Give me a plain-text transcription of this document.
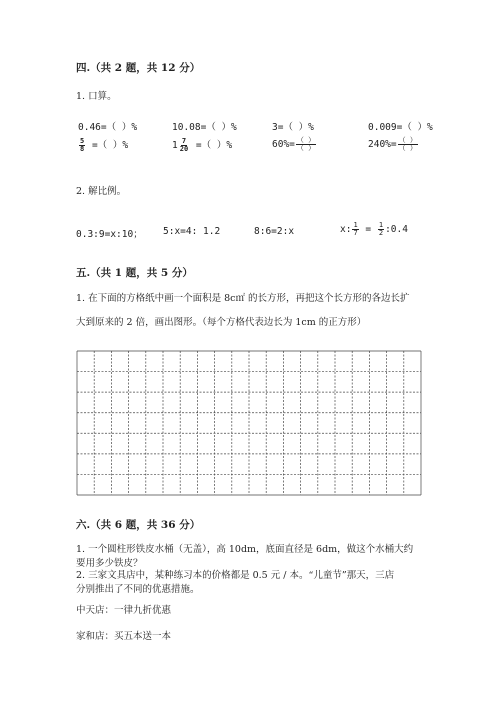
四.（共 2 题，共 12 分）
1. 口算。
0.46=（ ）%	10.08=（ ）%	3=（ ）%	0.009=（ ）%
$\frac{5}{8}$ =（ ）%	$1 \frac{7}{20}$ =（ ）%	$60\%= \frac{( )}{( )}$	$240\%= \frac{( )}{( )}$
2. 解比例。
0.3:9=x:10； 5:x=4: 1.2	8:6=2:x	x: $\frac{1}{7} = \frac{1}{2}$ :0.4
五.（共 1 题，共 5 分）
1. 在下面的方格纸中画一个面积是 8c㎡ 的长方形，再把这个长方形的各边长扩
大到原来的 2 倍，画出图形。（每个方格代表边长为 1cm 的正方形）
六.（共 6 题，共 36 分）
1. 一个圆柱形铁皮水桶（无盖），高 10dm，底面直径是 6dm，做这个水桶大约
要用多少铁皮？
2. 三家文具店中，某种练习本的价格都是 0.5 元 / 本。“儿童节”那天，三店
分别推出了不同的优惠措施。
中天店：一律九折优惠
家和店：买五本送一本
